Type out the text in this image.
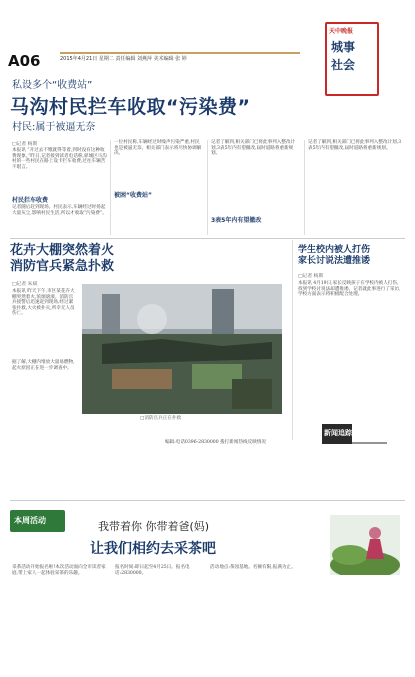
A06	2015年4月21日 星期二 责任编辑 刘燕萍 美术编辑 张 婷
天中晚报
城事
社会
私设多个“收费站”
马沟村民拦车收取“污染费”
村民:属于被逼无奈
□记者 杨斯
本报讯 “开过去不缴就得等着,到时没有这种收费现象。”昨日,记者接到读者电话称,驿城区马沟村的一些村民在路上设卡拦车收费,过往车辆苦不堪言。
村民拦车收费
记者随后赶到现场。村民表示,车辆经过时扬起大量灰尘,影响村民生活,所以才收取“污染费”。
一位村民称,车辆经过时噪声污染严重,村民也是被逼无奈。相关部门表示将尽快协调解决。
被困“收费站”
记者了解到,相关部门已将此事列入整改计划,3表5年内有望撤改,届时道路将重新规划。
3表5年内有望撤改
记者了解到,相关部门已将此事列入整改计划,3表5年内有望撤改,届时道路将重新规划。
花卉大棚突然着火
消防官兵紧急扑救
□记者 朱斌
本报讯 昨天下午,市区某花卉大棚突然着火,浓烟滚滚。消防官兵接警后迅速赶到现场,经过紧张扑救,大火被扑灭,所幸无人员伤亡。
据了解,大棚内堆放大量易燃物,起火原因正在进一步调查中。
□消防官兵正在扑救
编辑:电话0396-2830000 拨打新闻热线反映情况
学生校内被人打伤
家长讨说法遭推诿
□记者 杨斯
本报讯 4月19日,家长反映孩子在学校内被人打伤,找到学校讨说法却遭推诿。记者就此事进行了采访,学校方面表示将积极配合处理。
新闻追踪
本周活动	我带着你 你带着爸(妈)
让我们相约去采茶吧
采茶活动开始报名啦!本次活动面向全市读者家庭,带上家人一起体验采茶的乐趣。
报名时间:即日起至4月25日。报名电话:2830000。
活动地点:茶园基地。名额有限,报满为止。
